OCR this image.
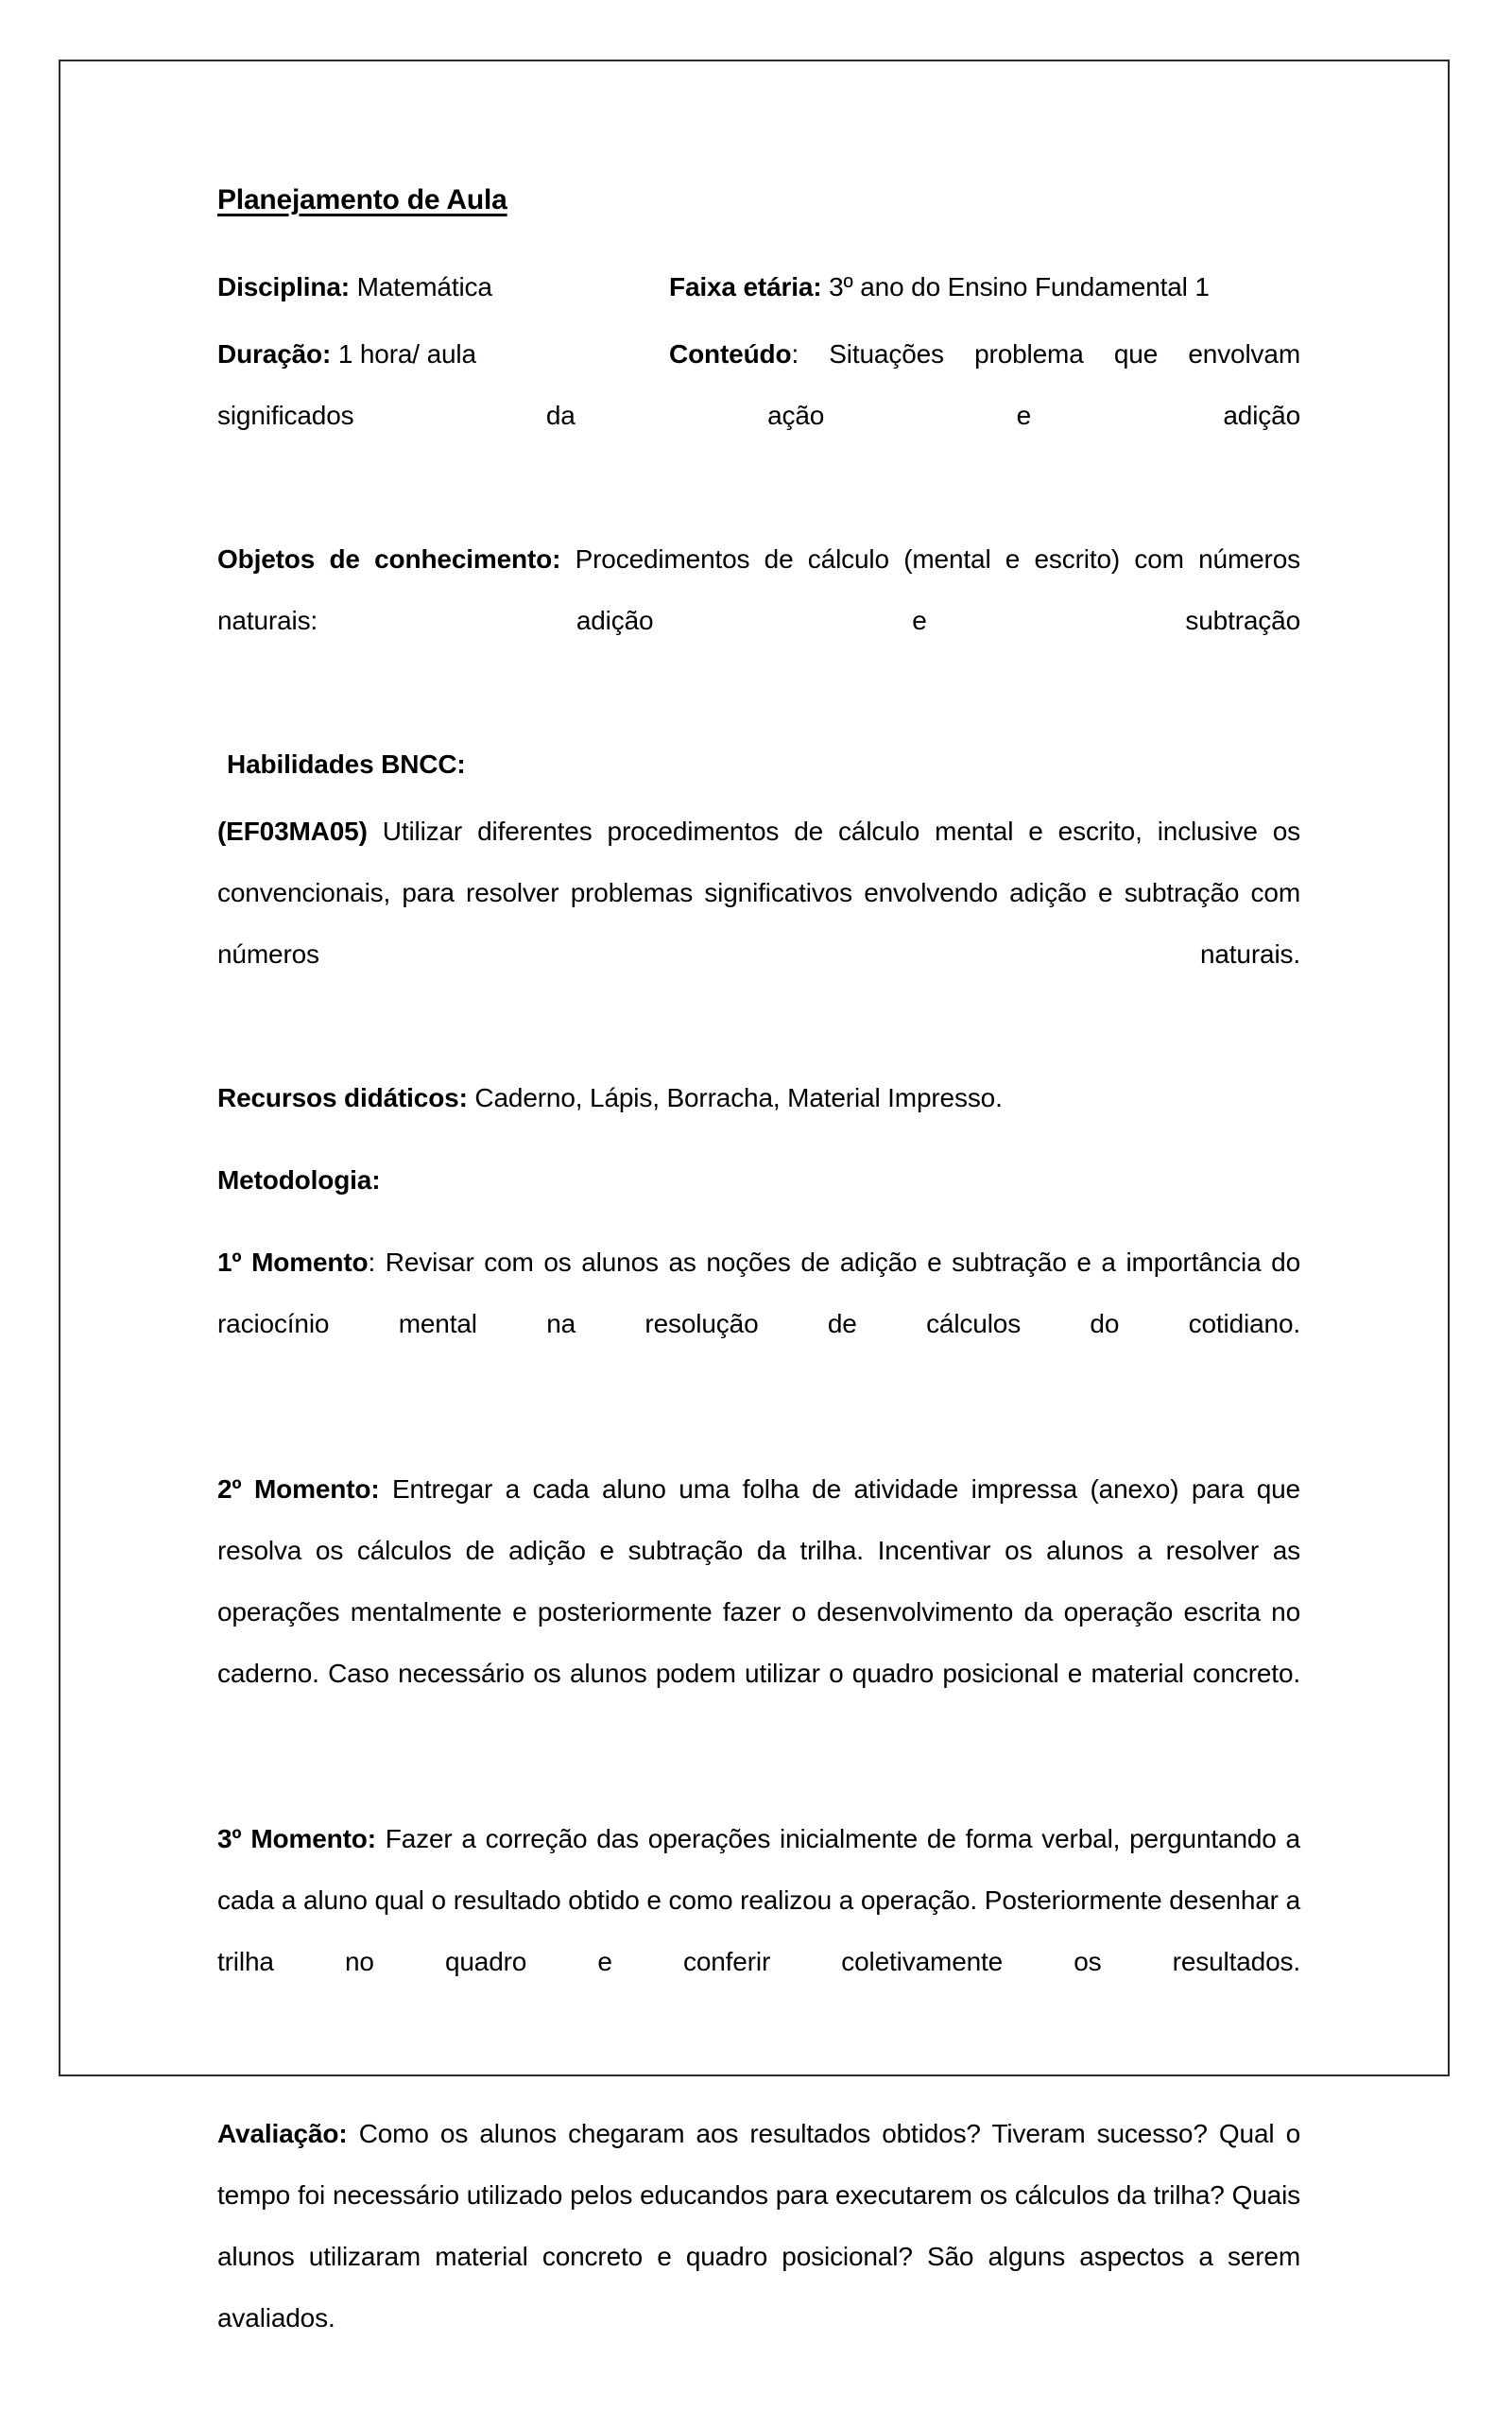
Planejamento de Aula
Disciplina: Matemática	Faixa etária: 3º ano do Ensino Fundamental 1
Duração: 1 hora/ aula	Conteúdo: Situações problema que envolvam significados da ação e adição

Objetos de conhecimento: Procedimentos de cálculo (mental e escrito) com números naturais: adição e subtração

Habilidades BNCC:

(EF03MA05) Utilizar diferentes procedimentos de cálculo mental e escrito, inclusive os convencionais, para resolver problemas significativos envolvendo adição e subtração com números naturais.

Recursos didáticos: Caderno, Lápis, Borracha, Material Impresso.

Metodologia:

1º Momento: Revisar com os alunos as noções de adição e subtração e a importância do raciocínio mental na resolução de cálculos do cotidiano.

2º Momento: Entregar a cada aluno uma folha de atividade impressa (anexo) para que resolva os cálculos de adição e subtração da trilha. Incentivar os alunos a resolver as operações mentalmente e posteriormente fazer o desenvolvimento da operação escrita no caderno. Caso necessário os alunos podem utilizar o quadro posicional e material concreto.

3º Momento: Fazer a correção das operações inicialmente de forma verbal, perguntando a cada a aluno qual o resultado obtido e como realizou a operação. Posteriormente desenhar a trilha no quadro e conferir coletivamente os resultados.

Avaliação: Como os alunos chegaram aos resultados obtidos? Tiveram sucesso? Qual o tempo foi necessário utilizado pelos educandos para executarem os cálculos da trilha? Quais alunos utilizaram material concreto e quadro posicional? São alguns aspectos a serem avaliados.
